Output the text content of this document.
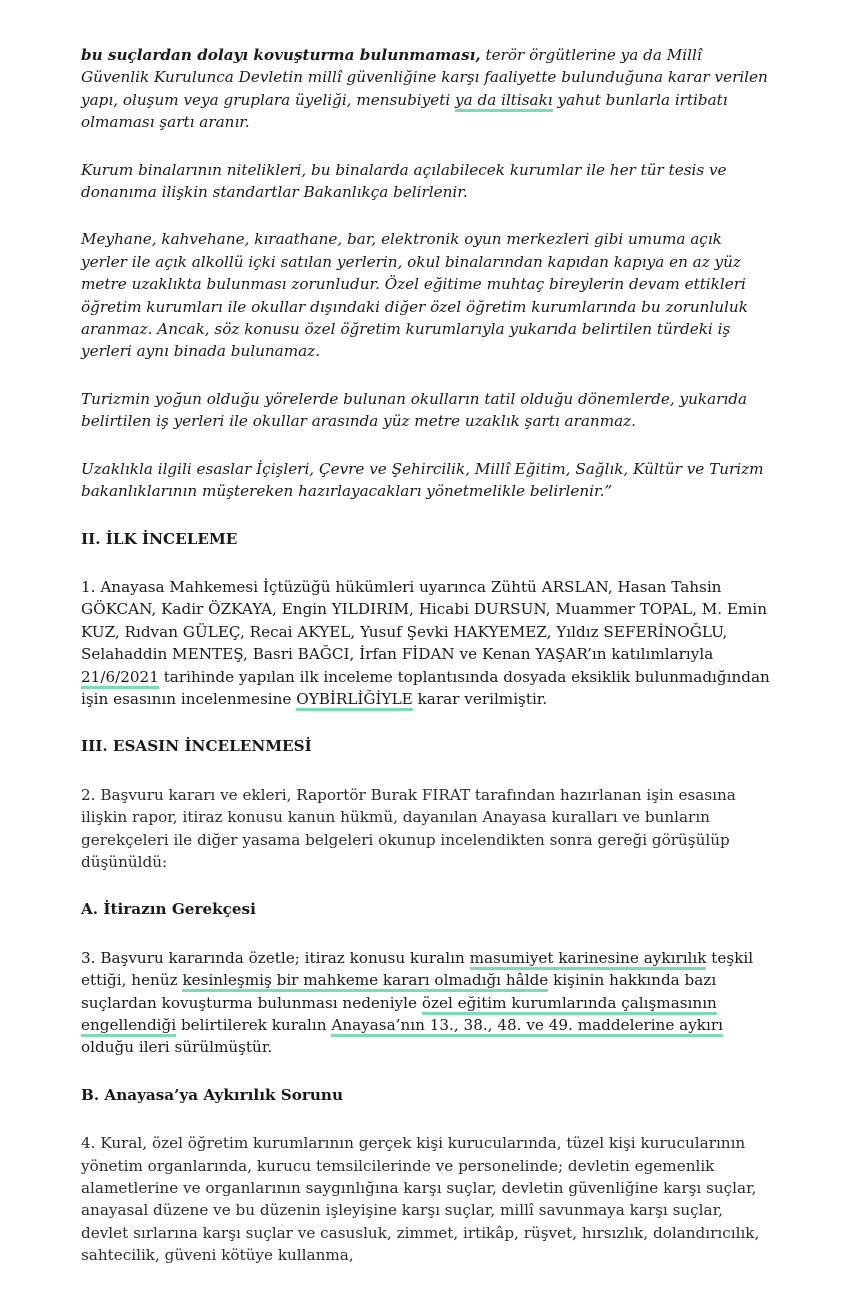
bu suçlardan dolayı kovuşturma bulunmaması, terör örgütlerine ya da Millî Güvenlik Kurulunca Devletin millî güvenliğine karşı faaliyette bulunduğuna karar verilen yapı, oluşum veya gruplara üyeliği, mensubiyeti ya da iltisakı yahut bunlarla irtibatı olmaması şartı aranır.

Kurum binalarının nitelikleri, bu binalarda açılabilecek kurumlar ile her tür tesis ve donanıma ilişkin standartlar Bakanlıkça belirlenir.

Meyhane, kahvehane, kıraathane, bar, elektronik oyun merkezleri gibi umuma açık yerler ile açık alkollü içki satılan yerlerin, okul binalarından kapıdan kapıya en az yüz metre uzaklıkta bulunması zorunludur. Özel eğitime muhtaç bireylerin devam ettikleri öğretim kurumları ile okullar dışındaki diğer özel öğretim kurumlarında bu zorunluluk aranmaz. Ancak, söz konusu özel öğretim kurumlarıyla yukarıda belirtilen türdeki iş yerleri aynı binada bulunamaz.

Turizmin yoğun olduğu yörelerde bulunan okulların tatil olduğu dönemlerde, yukarıda belirtilen iş yerleri ile okullar arasında yüz metre uzaklık şartı aranmaz.

Uzaklıkla ilgili esaslar İçişleri, Çevre ve Şehircilik, Millî Eğitim, Sağlık, Kültür ve Turizm bakanlıklarının müştereken hazırlayacakları yönetmelikle belirlenir.”

II. İLK İNCELEME

1. Anayasa Mahkemesi İçtüzüğü hükümleri uyarınca Zühtü ARSLAN, Hasan Tahsin GÖKCAN, Kadir ÖZKAYA, Engin YILDIRIM, Hicabi DURSUN, Muammer TOPAL, M. Emin KUZ, Rıdvan GÜLEÇ, Recai AKYEL, Yusuf Şevki HAKYEMEZ, Yıldız SEFERİNOĞLU, Selahaddin MENTEŞ, Basri BAĞCI, İrfan FİDAN ve Kenan YAŞAR’ın katılımlarıyla 21/6/2021 tarihinde yapılan ilk inceleme toplantısında dosyada eksiklik bulunmadığından işin esasının incelenmesine OYBİRLİĞİYLE karar verilmiştir.

III. ESASIN İNCELENMESİ

2. Başvuru kararı ve ekleri, Raportör Burak FIRAT tarafından hazırlanan işin esasına ilişkin rapor, itiraz konusu kanun hükmü, dayanılan Anayasa kuralları ve bunların gerekçeleri ile diğer yasama belgeleri okunup incelendikten sonra gereği görüşülüp düşünüldü:

A. İtirazın Gerekçesi

3. Başvuru kararında özetle; itiraz konusu kuralın masumiyet karinesine aykırılık teşkil ettiği, henüz kesinleşmiş bir mahkeme kararı olmadığı hâlde kişinin hakkında bazı suçlardan kovuşturma bulunması nedeniyle özel eğitim kurumlarında çalışmasının engellendiği belirtilerek kuralın Anayasa’nın 13., 38., 48. ve 49. maddelerine aykırı olduğu ileri sürülmüştür.

B. Anayasa’ya Aykırılık Sorunu

4. Kural, özel öğretim kurumlarının gerçek kişi kurucularında, tüzel kişi kurucularının yönetim organlarında, kurucu temsilcilerinde ve personelinde; devletin egemenlik alametlerine ve organlarının saygınlığına karşı suçlar, devletin güvenliğine karşı suçlar, anayasal düzene ve bu düzenin işleyişine karşı suçlar, millî savunmaya karşı suçlar, devlet sırlarına karşı suçlar ve casusluk, zimmet, irtikâp, rüşvet, hırsızlık, dolandırıcılık, sahtecilik, güveni kötüye kullanma,
